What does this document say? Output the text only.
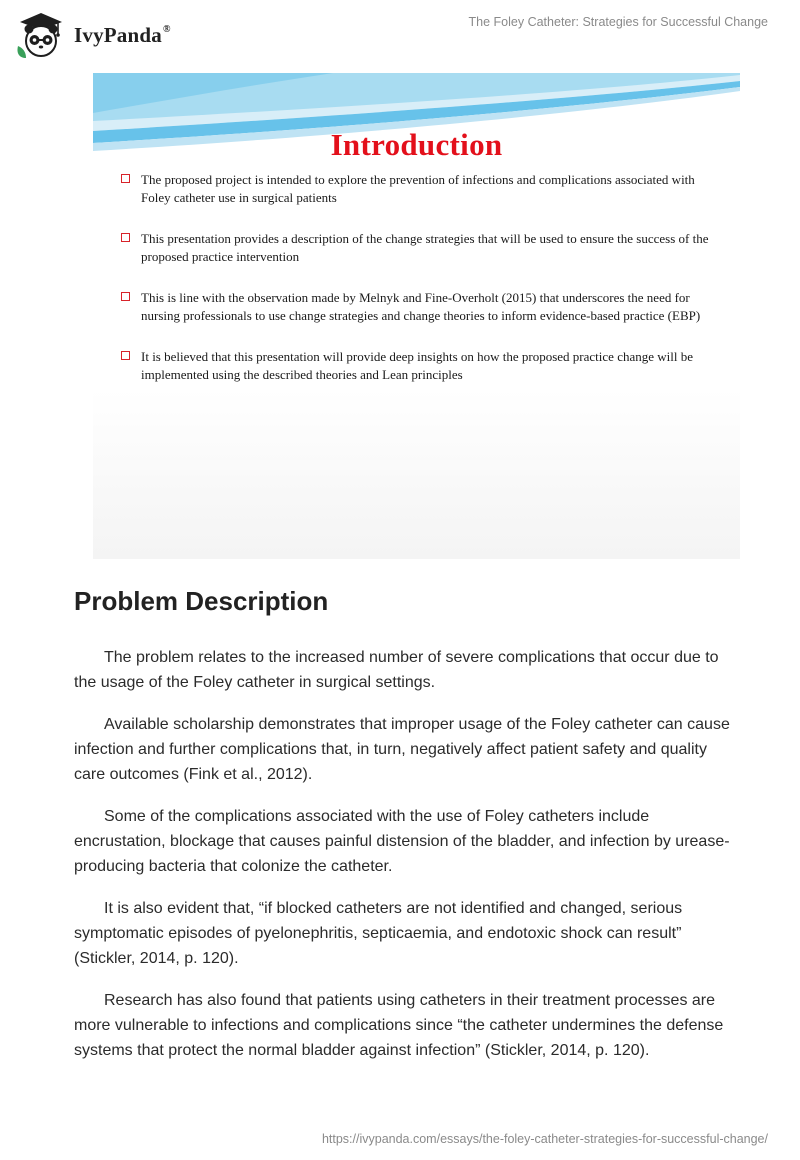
IvyPanda®	The Foley Catheter: Strategies for Successful Change
Introduction
The proposed project is intended to explore the prevention of infections and complications associated with Foley catheter use in surgical patients
This presentation provides a description of the change strategies that will be used to ensure the success of the proposed practice intervention
This is line with the observation made by Melnyk and Fine-Overholt (2015) that underscores the need for nursing professionals to use change strategies and change theories to inform evidence-based practice (EBP)
It is believed that this presentation will provide deep insights on how the proposed practice change will be implemented using the described theories and Lean principles
Problem Description

The problem relates to the increased number of severe complications that occur due to the usage of the Foley catheter in surgical settings.

Available scholarship demonstrates that improper usage of the Foley catheter can cause infection and further complications that, in turn, negatively affect patient safety and quality care outcomes (Fink et al., 2012).

Some of the complications associated with the use of Foley catheters include encrustation, blockage that causes painful distension of the bladder, and infection by urease-producing bacteria that colonize the catheter.

It is also evident that, “if blocked catheters are not identified and changed, serious symptomatic episodes of pyelonephritis, septicaemia, and endotoxic shock can result” (Stickler, 2014, p. 120).

Research has also found that patients using catheters in their treatment processes are more vulnerable to infections and complications since “the catheter undermines the defense systems that protect the normal bladder against infection” (Stickler, 2014, p. 120).

https://ivypanda.com/essays/the-foley-catheter-strategies-for-successful-change/
